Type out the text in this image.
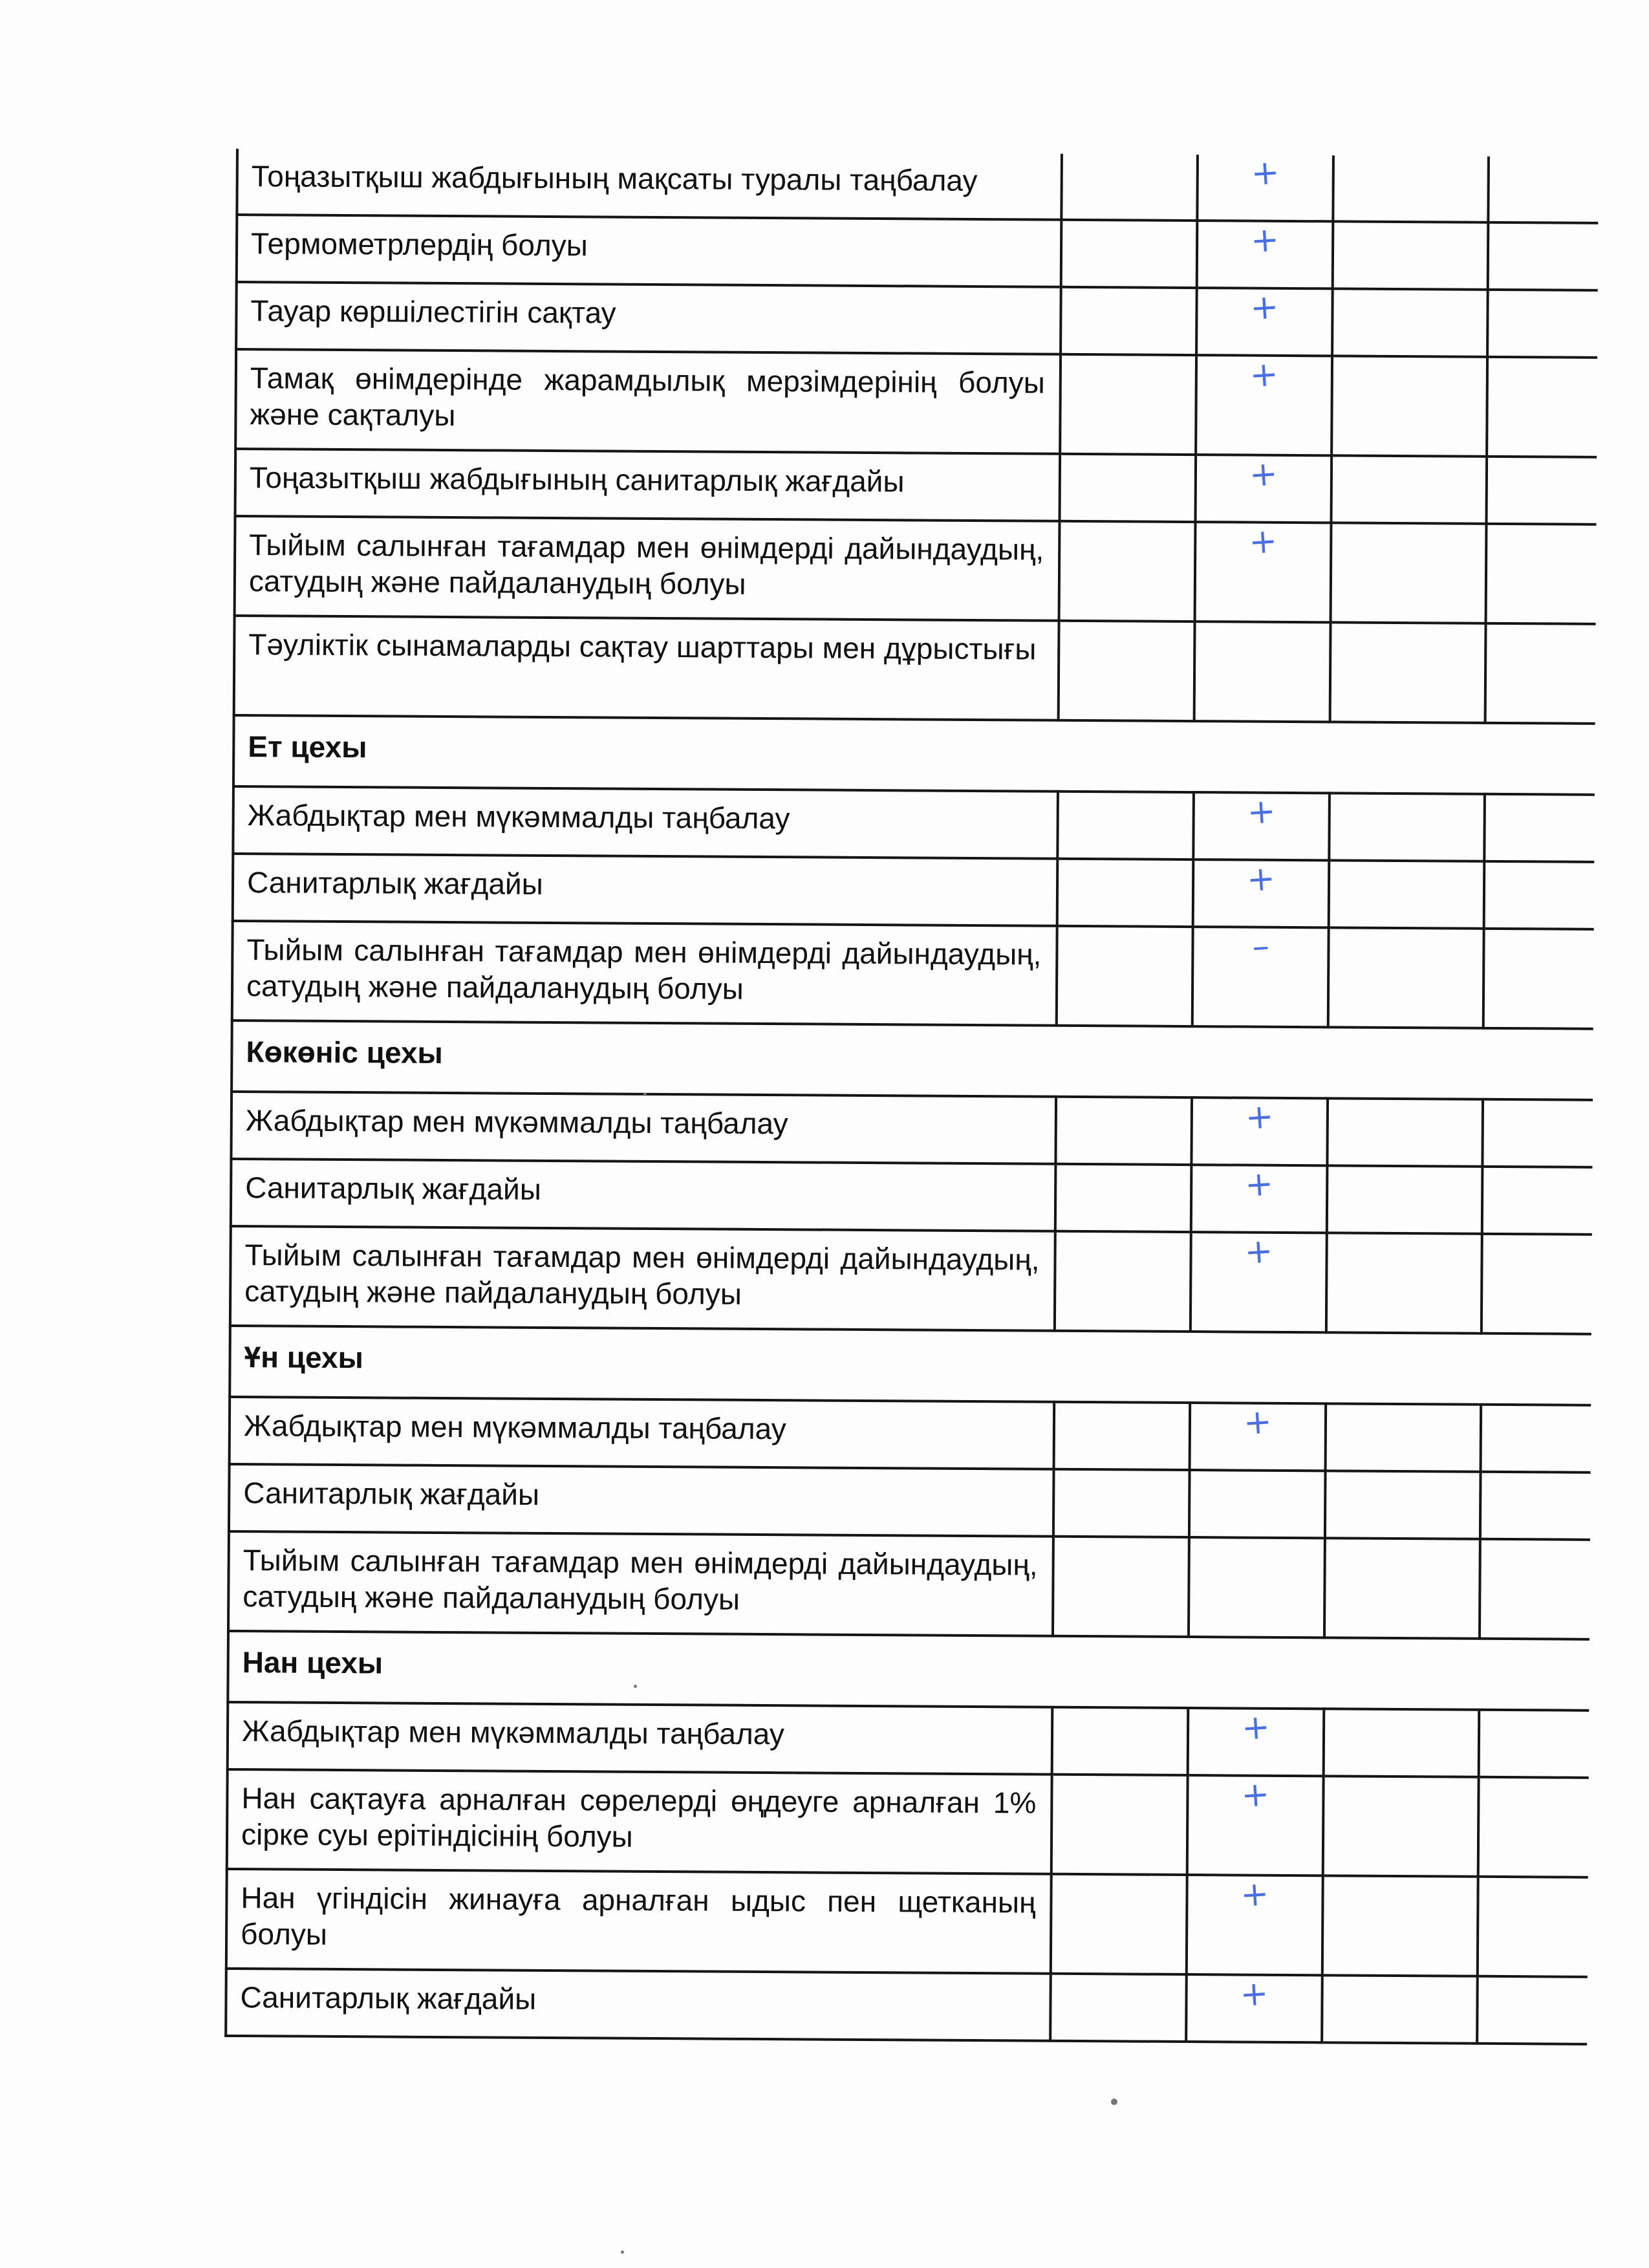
Тоңазытқыш жабдығының мақсаты туралы таңбалау		+		
Термометрлердің болуы		+		
Тауар көршілестігін сақтау		+		
Тамақ өнімдерінде жарамдылық мерзімдерінің болуы және сақталуы		+		
Тоңазытқыш жабдығының санитарлық жағдайы		+		
Тыйым салынған тағамдар мен өнімдерді дайындаудың, сатудың және пайдаланудың болуы		+		
Тәуліктік сынамаларды сақтау шарттары мен дұрыстығы				
Ет цехы				
Жабдықтар мен мүкәммалды таңбалау		+		
Санитарлық жағдайы		+		
Тыйым салынған тағамдар мен өнімдерді дайындаудың, сатудың және пайдаланудың болуы		–		
Көкөніс цехы				
Жабдықтар мен мүкәммалды таңбалау		+		
Санитарлық жағдайы		+		
Тыйым салынған тағамдар мен өнімдерді дайындаудың, сатудың және пайдаланудың болуы		+		
Ұн цехы				
Жабдықтар мен мүкәммалды таңбалау		+		
Санитарлық жағдайы				
Тыйым салынған тағамдар мен өнімдерді дайындаудың, сатудың және пайдаланудың болуы				
Нан цехы				
Жабдықтар мен мүкәммалды таңбалау		+		
Нан сақтауға арналған сөрелерді өңдеуге арналған 1% сірке суы ерітіндісінің болуы		+		
Нан үгіндісін жинауға арналған ыдыс пен щетканың болуы		+		
Санитарлық жағдайы		+		
